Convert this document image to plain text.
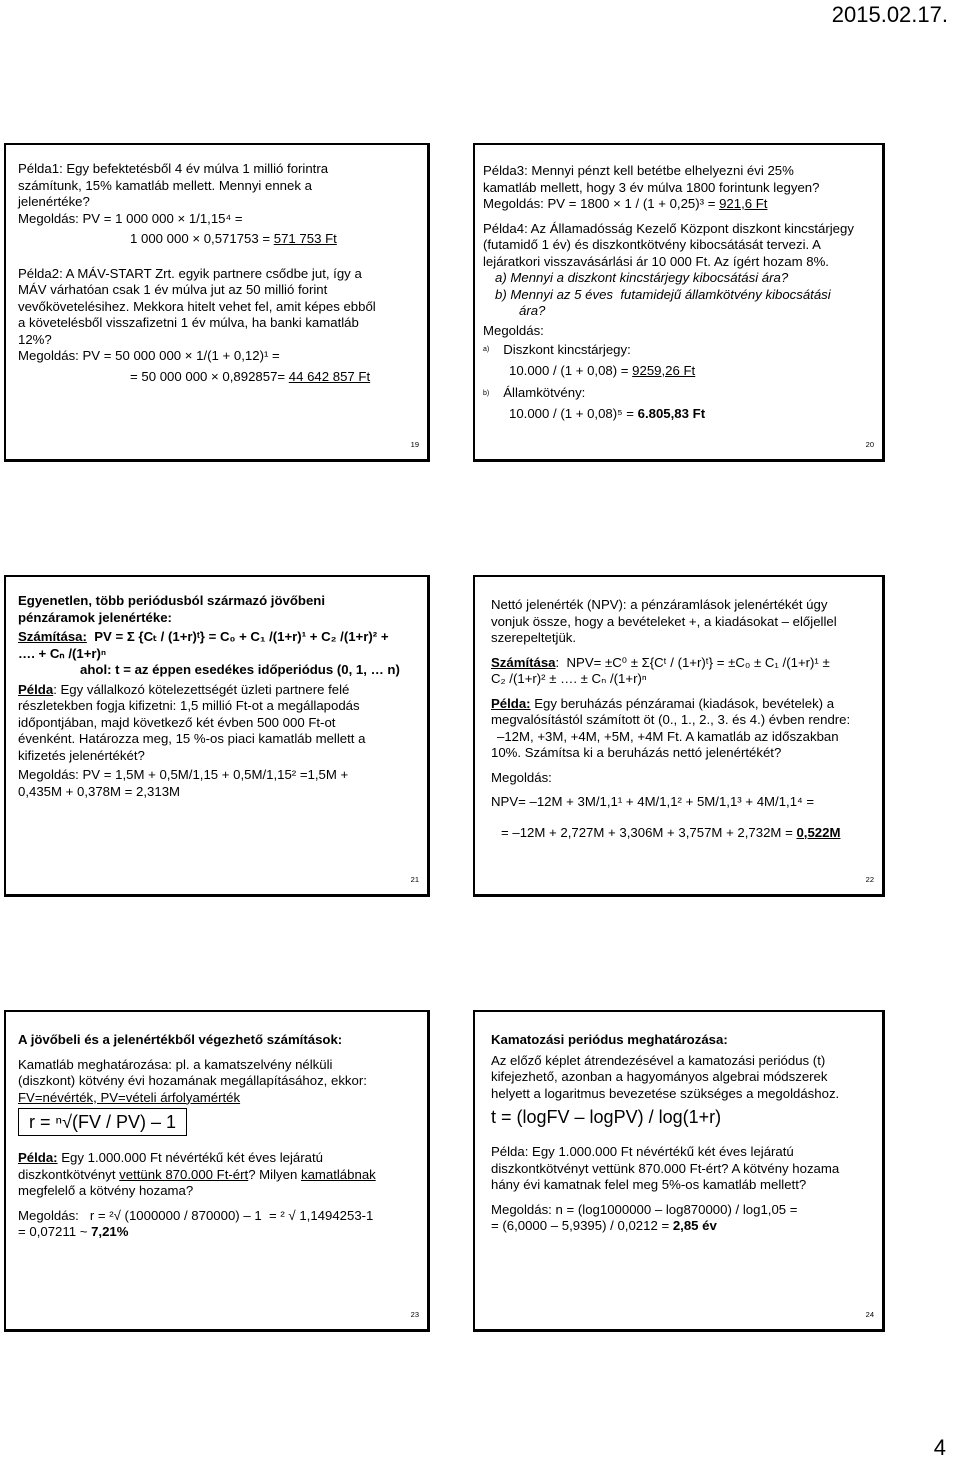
2015.02.17.
Példa1: Egy befektetésből 4 év múlva 1 millió forintra
számítunk, 15% kamatláb mellett. Mennyi ennek a
jelenértéke?
Megoldás: PV = 1 000 000 × 1/1,15⁴ =
1 000 000 × 0,571753 = 571 753 Ft
Példa2: A MÁV-START Zrt. egyik partnere csődbe jut, így a
MÁV várhatóan csak 1 év múlva jut az 50 millió forint
vevőkövetelésihez. Mekkora hitelt vehet fel, amit képes ebből
a követelésből visszafizetni 1 év múlva, ha banki kamatláb
12%?
Megoldás: PV = 50 000 000 × 1/(1 + 0,12)¹ =
= 50 000 000 × 0,892857= 44 642 857 Ft
19
Példa3: Mennyi pénzt kell betétbe elhelyezni évi 25%
kamatláb mellett, hogy 3 év múlva 1800 forintunk legyen?
Megoldás: PV = 1800 × 1 / (1 + 0,25)³ = 921,6 Ft
Példa4: Az Államadósság Kezelő Központ diszkont kincstárjegy
(futamidő 1 év) és diszkontkötvény kibocsátását tervezi. A
lejáratkori visszavásárlási ár 10 000 Ft. Az ígért hozam 8%.
a) Mennyi a diszkont kincstárjegy kibocsátási ára?
b) Mennyi az 5 éves  futamidejű államkötvény kibocsátási
ára?
Megoldás:
a) Diszkont kincstárjegy:
10.000 / (1 + 0,08) = 9259,26 Ft
b) Államkötvény:
10.000 / (1 + 0,08)⁵ = 6.805,83 Ft
20
Egyenetlen, több periódusból származó jövőbeni
pénzáramok jelenértéke:
Számítása:  PV = Σ {Cₜ / (1+r)ᵗ} = C₀ + C₁ /(1+r)¹ + C₂ /(1+r)² +
…. + Cₙ /(1+r)ⁿ
ahol: t = az éppen esedékes időperiódus (0, 1, … n)
Példa: Egy vállalkozó kötelezettségét üzleti partnere felé
részletekben fogja kifizetni: 1,5 millió Ft-ot a megállapodás
időpontjában, majd következő két évben 500 000 Ft-ot
évenként. Határozza meg, 15 %-os piaci kamatláb mellett a
kifizetés jelenértékét?
Megoldás: PV = 1,5M + 0,5M/1,15 + 0,5M/1,15² =1,5M +
0,435M + 0,378M = 2,313M
21
Nettó jelenérték (NPV): a pénzáramlások jelenértékét úgy
vonjuk össze, hogy a bevételeket +, a kiadásokat – előjellel
szerepeltetjük.
Számítása:  NPV= ±C⁰ ± Σ{Cᵗ / (1+r)ᵗ} = ±C₀ ± C₁ /(1+r)¹ ±
C₂ /(1+r)² ± …. ± Cₙ /(1+r)ⁿ
Példa: Egy beruházás pénzáramai (kiadások, bevételek) a
megvalósítástól számított öt (0., 1., 2., 3. és 4.) évben rendre:
–12M, +3M, +4M, +5M, +4M Ft. A kamatláb az időszakban
10%. Számítsa ki a beruházás nettó jelenértékét?
Megoldás:
NPV= –12M + 3M/1,1¹ + 4M/1,1² + 5M/1,1³ + 4M/1,1⁴ =
= –12M + 2,727M + 3,306M + 3,757M + 2,732M = 0,522M
22
A jövőbeli és a jelenértékből végezhető számítások:
Kamatláb meghatározása: pl. a kamatszelvény nélküli
(diszkont) kötvény évi hozamának megállapításához, ekkor:
FV=névérték, PV=vételi árfolyamérték
r = ⁿ√(FV / PV) – 1
Példa: Egy 1.000.000 Ft névértékű két éves lejáratú
diszkontkötvényt vettünk 870.000 Ft-ért? Milyen kamatlábnak
megfelelő a kötvény hozama?
Megoldás:   r = ²√ (1000000 / 870000) – 1  = ² √ 1,1494253-1
= 0,07211 ~ 7,21%
23
Kamatozási periódus meghatározása:
Az előző képlet átrendezésével a kamatozási periódus (t)
kifejezhető, azonban a hagyományos algebrai módszerek
helyett a logaritmus bevezetése szükséges a megoldáshoz.
t = (logFV – logPV) / log(1+r)
Példa: Egy 1.000.000 Ft névértékű két éves lejáratú
diszkontkötvényt vettünk 870.000 Ft-ért? A kötvény hozama
hány évi kamatnak felel meg 5%-os kamatláb mellett?
Megoldás: n = (log1000000 – log870000) / log1,05 =
= (6,0000 – 5,9395) / 0,0212 = 2,85 év
24
4
